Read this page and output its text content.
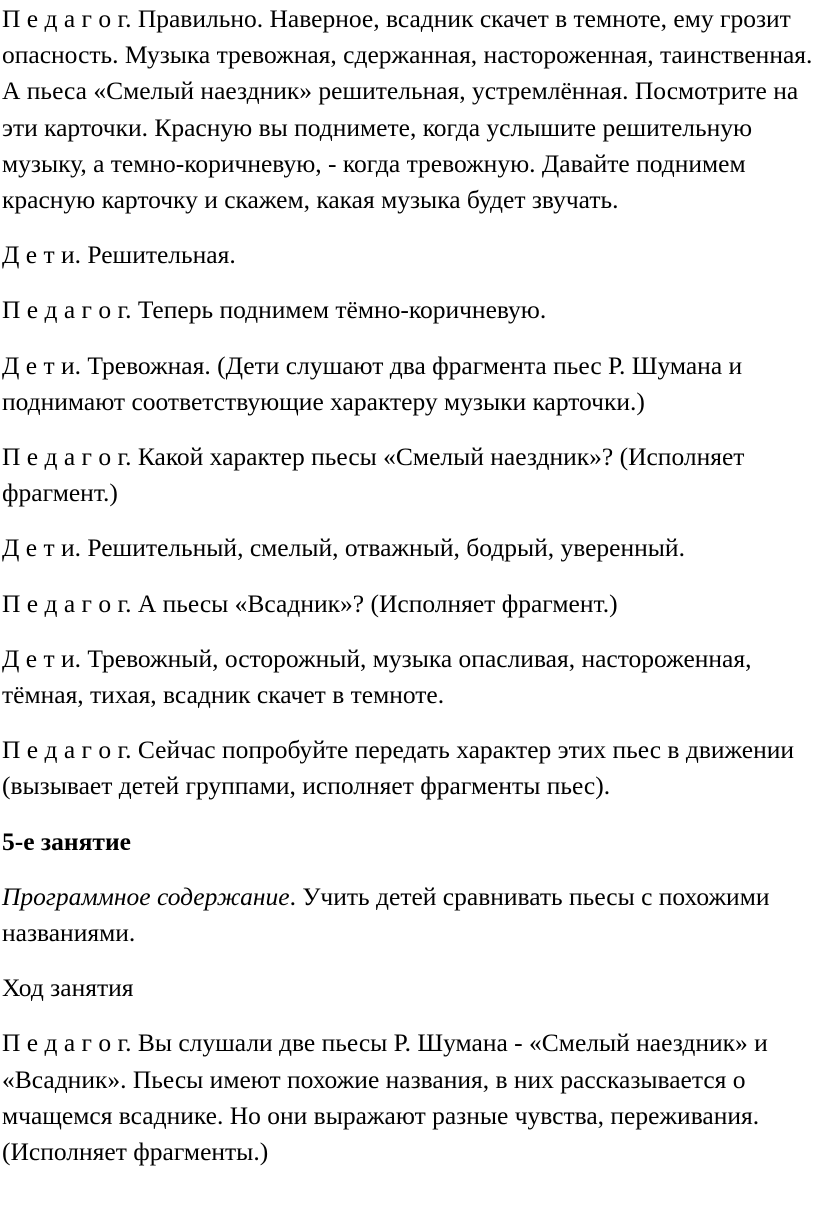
П е д а г о г. Правильно. Наверное, всадник скачет в темноте, ему грозит опасность. Музыка тревожная, сдержанная, настороженная, таинственная. А пьеса «Смелый наездник» решительная, устремлённая. Посмотрите на эти карточки. Красную вы поднимете, когда услышите решительную музыку, а темно-коричневую, - когда тревожную. Давайте поднимем красную карточку и скажем, какая музыка будет звучать.

Д е т и. Решительная.

П е д а г о г. Теперь поднимем тёмно-коричневую.

Д е т и. Тревожная. (Дети слушают два фрагмента пьес Р. Шумана и поднимают соответствующие характеру музыки карточки.)

П е д а г о г. Какой характер пьесы «Смелый наездник»? (Исполняет фрагмент.)

Д е т и. Решительный, смелый, отважный, бодрый, уверенный.

П е д а г о г. А пьесы «Всадник»? (Исполняет фрагмент.)

Д е т и. Тревожный, осторожный, музыка опасливая, настороженная, тёмная, тихая, всадник скачет в темноте.

П е д а г о г. Сейчас попробуйте передать характер этих пьес в движении (вызывает детей группами, исполняет фрагменты пьес).

5-е занятие

Программное содержание. Учить детей сравнивать пьесы с похожими названиями.

Ход занятия

П е д а г о г. Вы слушали две пьесы Р. Шумана - «Смелый наездник» и «Всадник». Пьесы имеют похожие названия, в них рассказывается о мчащемся всаднике. Но они выражают разные чувства, переживания. (Исполняет фрагменты.)
